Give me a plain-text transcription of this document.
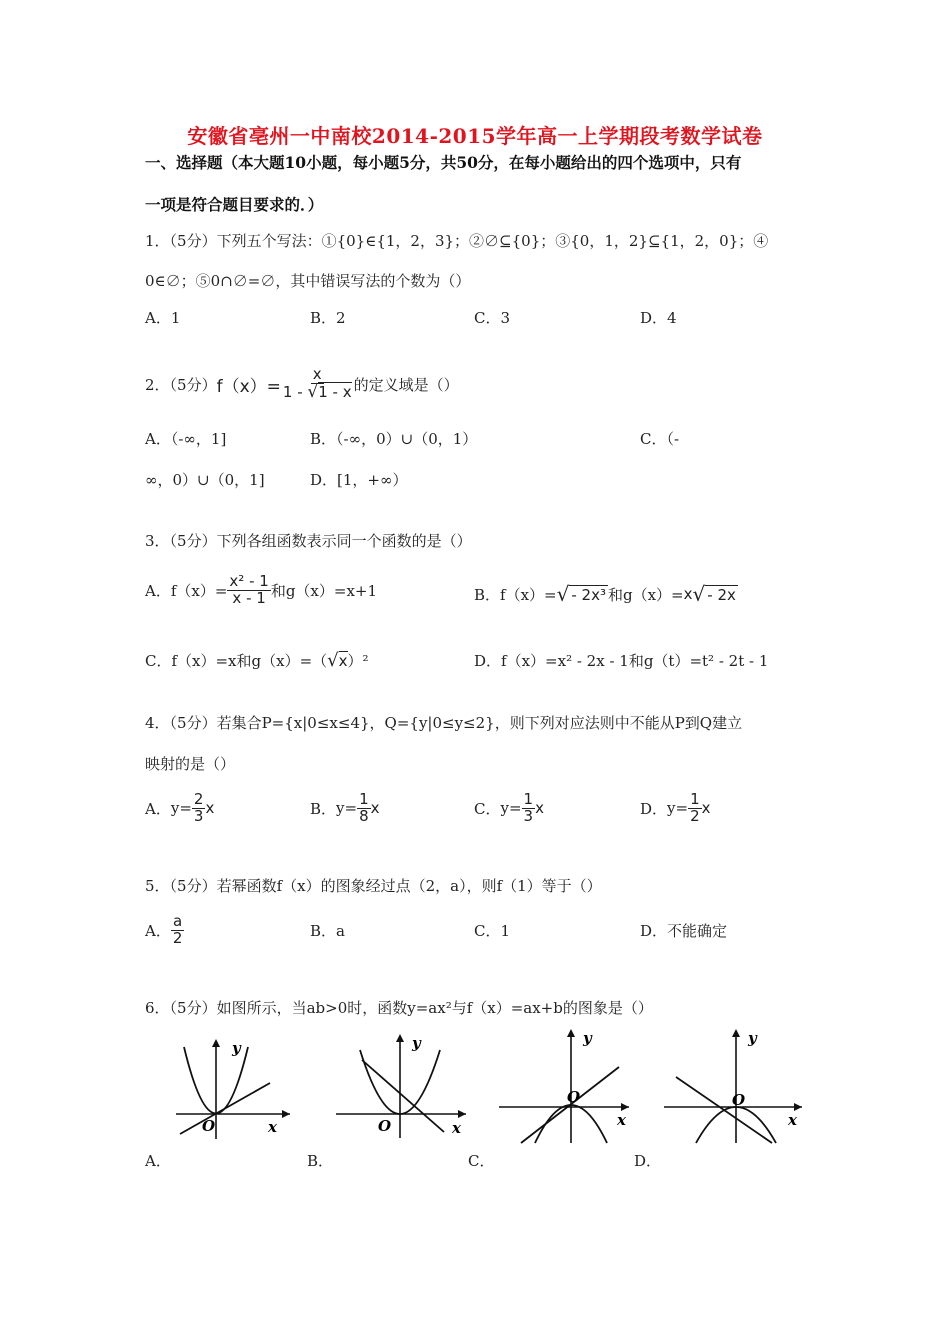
安徽省亳州一中南校2014-2015学年高一上学期段考数学试卷
一、选择题（本大题10小题，每小题5分，共50分，在每小题给出的四个选项中，只有
一项是符合题目要求的．）
1．（5分）下列五个写法：①{0}∈{1，2，3}；②∅⊆{0}；③{0，1，2}⊆{1，2，0}；④
0∈∅；⑤0∩∅=∅，其中错误写法的个数为（）
A．1	B．2	C．3	D．4
2．（5分） $f(x)= \frac{x}{1 - √1 - x}$ 的定义域是（）
A．（-∞，1]	B．（-∞，0）∪（0，1）	C．（-
∞，0）∪（0，1]	D．[1，+∞）
3．（5分）下列各组函数表示同一个函数的是（）
A．$f(x)= \frac{\text{x² - 1}}{x - 1}$ 和g（x）=x+1	B．f（x）= √ - 2x³ 和g（x）= x √ - 2x
C．f（x）=x和g（x）=（ √ x ）²	D．f（x）=x² - 2x - 1和g（t）=t² - 2t - 1
4．（5分）若集合P={x|0≤x≤4}，Q={y|0≤y≤2}，则下列对应法则中不能从P到Q建立
映射的是（）
A． $y= \frac{2}{3}$ x	B． $y= \frac{1}{8}$ x	C． $y= \frac{1}{3}$ x	D． $y= \frac{1}{2}$ x
5．（5分）若幂函数f（x）的图象经过点（2，a），则f（1）等于（）
A． $\frac{a}{2}$	B．a	C．1	D．不能确定
6．（5分）如图所示，当ab>0时，函数y=ax²与f（x）=ax+b的图象是（）
A．	B．	C．	D．
O	x
y
O	x
y
O
x
y
O
x
y
